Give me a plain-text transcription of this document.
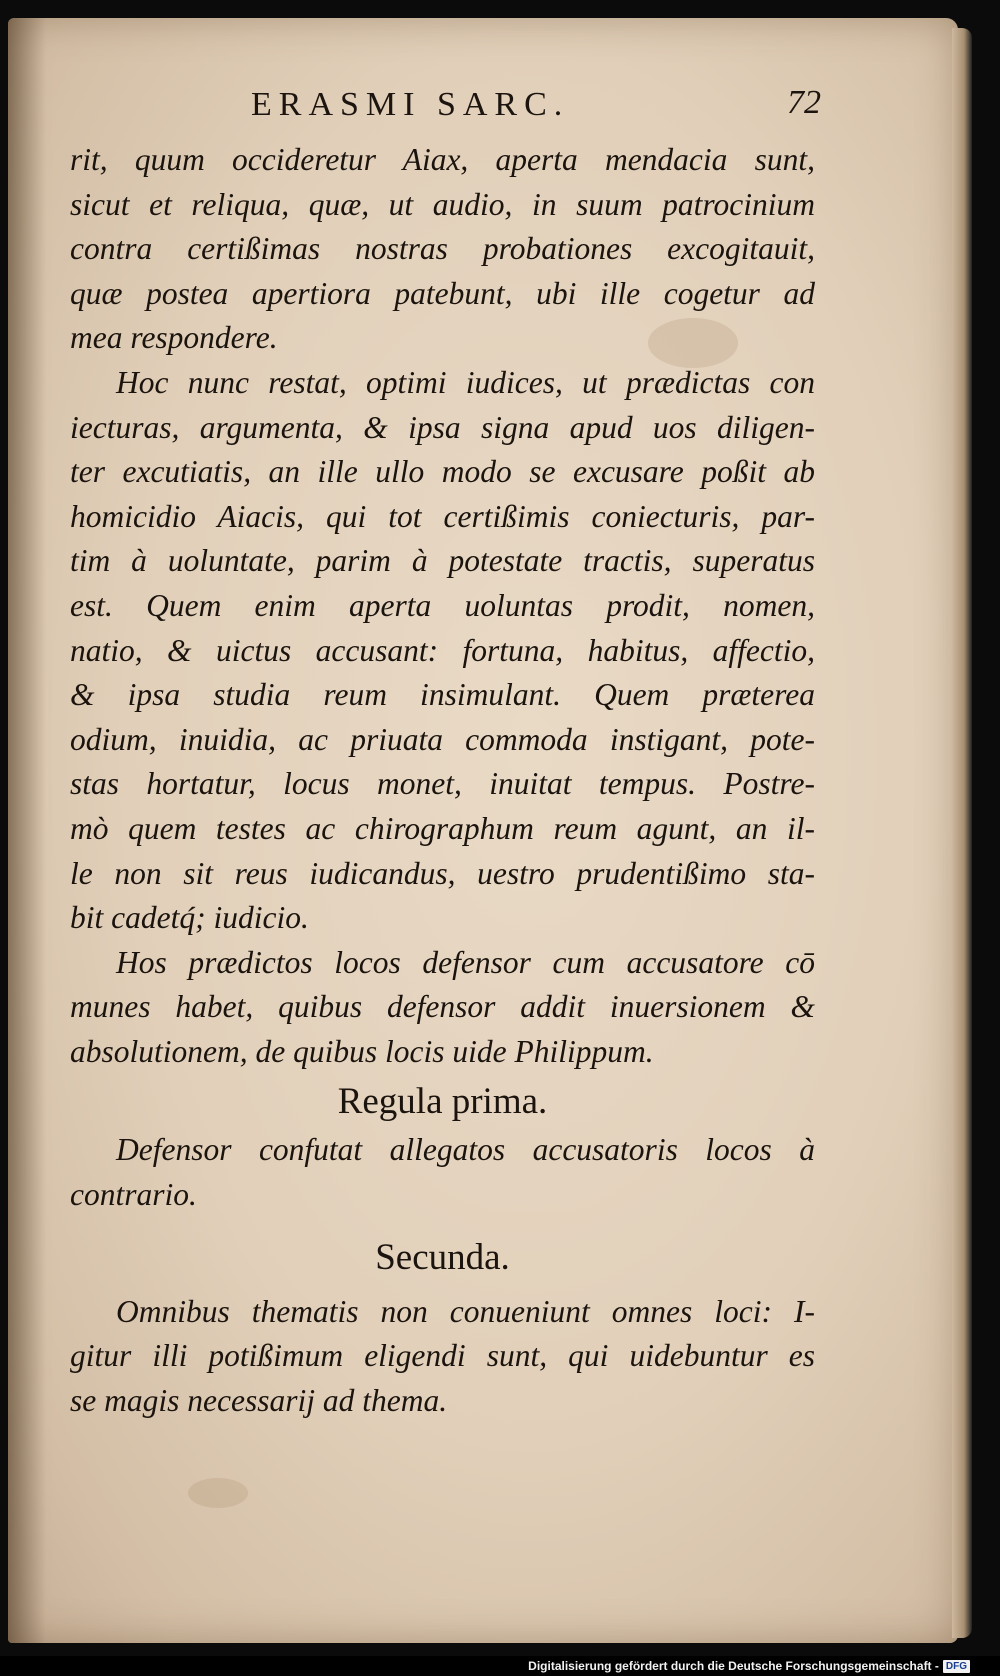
ERASMI SARC.	72
rit, quum occideretur Aiax, aperta mendacia sunt,
sicut et reliqua, quæ, ut audio, in suum patrocinium
contra certißimas nostras probationes excogitauit,
quæ postea apertiora patebunt, ubi ille cogetur ad
mea respondere.
Hoc nunc restat, optimi iudices, ut prædictas con
iecturas, argumenta, & ipsa signa apud uos diligen-
ter excutiatis, an ille ullo modo se excusare poßit ab
homicidio Aiacis, qui tot certißimis coniecturis, par-
tim à uoluntate, parim à potestate tractis, superatus
est. Quem enim aperta uoluntas prodit, nomen,
natio, & uictus accusant: fortuna, habitus, affectio,
& ipsa studia reum insimulant. Quem præterea
odium, inuidia, ac priuata commoda instigant, pote-
stas hortatur, locus monet, inuitat tempus. Postre-
mò quem testes ac chirographum reum agunt, an il-
le non sit reus iudicandus, uestro prudentißimo sta-
bit cadetq́; iudicio.
Hos prædictos locos defensor cum accusatore cō
munes habet, quibus defensor addit inuersionem &
absolutionem, de quibus locis uide Philippum.
Regula prima.
Defensor confutat allegatos accusatoris locos à
contrario.
Secunda.
Omnibus thematis non conueniunt omnes loci: I-
gitur illi potißimum eligendi sunt, qui uidebuntur es
se magis necessarij ad thema.
Digitalisierung gefördert durch die Deutsche Forschungsgemeinschaft - DFG
